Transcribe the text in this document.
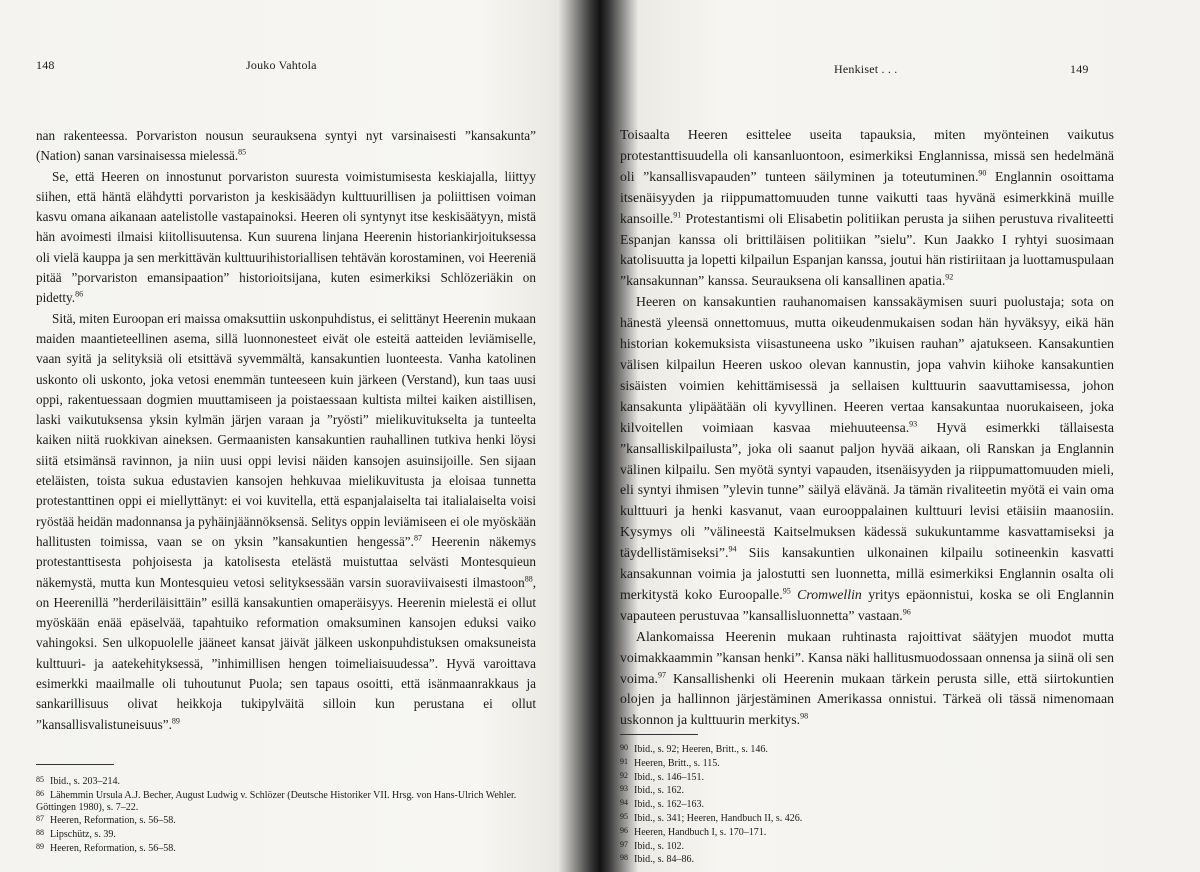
148	Jouko Vahtola

nan rakenteessa. Porvariston nousun seurauksena syntyi nyt varsinaisesti ”kansakunta” (Nation) sanan varsinaisessa mielessä.$^{85}$

Se, että Heeren on innostunut porvariston suuresta voimistumisesta keskiajalla, liittyy siihen, että häntä elähdytti porvariston ja keskisäädyn kulttuurillisen ja poliittisen voiman kasvu omana aikanaan aatelistolle vastapainoksi. Heeren oli syntynyt itse keskisäätyyn, mistä hän avoimesti ilmaisi kiitollisuutensa. Kun suurena linjana Heerenin historiankirjoituksessa oli vielä kauppa ja sen merkittävän kulttuurihistoriallisen tehtävän korostaminen, voi Heereniä pitää ”porvariston emansipaation” historioitsijana, kuten esimerkiksi Schlözeriäkin on pidetty.$^{86}$

Sitä, miten Euroopan eri maissa omaksuttiin uskonpuhdistus, ei selittänyt Heerenin mukaan maiden maantieteellinen asema, sillä luonnonesteet eivät ole esteitä aatteiden leviämiselle, vaan syitä ja selityksiä oli etsittävä syvemmältä, kansakuntien luonteesta. Vanha katolinen uskonto oli uskonto, joka vetosi enemmän tunteeseen kuin järkeen (Verstand), kun taas uusi oppi, rakentuessaan dogmien muuttamiseen ja poistaessaan kultista miltei kaiken aistillisen, laski vaikutuksensa yksin kylmän järjen varaan ja ”ryösti” mielikuvitukselta ja tunteelta kaiken niitä ruokkivan aineksen. Germaanisten kansakuntien rauhallinen tutkiva henki löysi siitä etsimänsä ravinnon, ja niin uusi oppi levisi näiden kansojen asuinsijoille. Sen sijaan eteläisten, toista sukua edustavien kansojen hehkuvaa mielikuvitusta ja eloisaa tunnetta protestanttinen oppi ei miellyttänyt: ei voi kuvitella, että espanjalaiselta tai italialaiselta voisi ryöstää heidän madonnansa ja pyhäinjäännöksensä. Selitys oppin leviämiseen ei ole myöskään hallitusten toimissa, vaan se on yksin ”kansakuntien hengessä”.$^{87}$ Heerenin näkemys protestanttisesta pohjoisesta ja katolisesta etelästä muistuttaa selvästi Montesquieun näkemystä, mutta kun Montesquieu vetosi selityksessään varsin suoraviivaisesti ilmastoon$^{88}$, on Heerenillä ”herderiläisittäin” esillä kansakuntien omaperäisyys. Heerenin mielestä ei ollut myöskään enää epäselvää, tapahtuiko reformation omaksuminen kansojen eduksi vaiko vahingoksi. Sen ulkopuolelle jääneet kansat jäivät jälkeen uskonpuhdistuksen omaksuneista kulttuuri- ja aatekehityksessä, ”inhimillisen hengen toimeliaisuudessa”. Hyvä varoittava esimerkki maailmalle oli tuhoutunut Puola; sen tapaus osoitti, että isänmaanrakkaus ja sankarillisuus olivat heikkoja tukipylväitä silloin kun perustana ei ollut ”kansallisvalistuneisuus”.$^{89}$

85 Ibid., s. 203–214.
86 Lähemmin Ursula A.J. Becher, August Ludwig v. Schlözer (Deutsche Historiker VII. Hrsg. von Hans-Ulrich Wehler. Göttingen 1980), s. 7–22.
87 Heeren, Reformation, s. 56–58.
88 Lipschütz, s. 39.
89 Heeren, Reformation, s. 56–58.
Henkiset . . .	149

Toisaalta Heeren esittelee useita tapauksia, miten myönteinen vaikutus protestanttisuudella oli kansanluontoon, esimerkiksi Englannissa, missä sen hedelmänä oli ”kansallisvapauden” tunteen säilyminen ja toteutuminen.$^{90}$ Englannin osoittama itsenäisyyden ja riippumattomuuden tunne vaikutti taas hyvänä esimerkkinä muille kansoille.$^{91}$ Protestantismi oli Elisabetin politiikan perusta ja siihen perustuva rivaliteetti Espanjan kanssa oli brittiläisen politiikan ”sielu”. Kun Jaakko I ryhtyi suosimaan katolisuutta ja lopetti kilpailun Espanjan kanssa, joutui hän ristiriitaan ja luottamuspulaan ”kansakunnan” kanssa. Seurauksena oli kansallinen apatia.$^{92}$

Heeren on kansakuntien rauhanomaisen kanssakäymisen suuri puolustaja; sota on hänestä yleensä onnettomuus, mutta oikeudenmukaisen sodan hän hyväksyy, eikä hän historian kokemuksista viisastuneena usko ”ikuisen rauhan” ajatukseen. Kansakuntien välisen kilpailun Heeren uskoo olevan kannustin, jopa vahvin kiihoke kansakuntien sisäisten voimien kehittämisessä ja sellaisen kulttuurin saavuttamisessa, johon kansakunta ylipäätään oli kyvyllinen. Heeren vertaa kansakuntaa nuorukaiseen, joka kilvoitellen voimiaan kasvaa miehuuteensa.$^{93}$ Hyvä esimerkki tällaisesta ”kansalliskilpailusta”, joka oli saanut paljon hyvää aikaan, oli Ranskan ja Englannin välinen kilpailu. Sen myötä syntyi vapauden, itsenäisyyden ja riippumattomuuden mieli, eli syntyi ihmisen ”ylevin tunne” säilyä elävänä. Ja tämän rivaliteetin myötä ei vain oma kulttuuri ja henki kasvanut, vaan eurooppalainen kulttuuri levisi etäisiin maanosiin. Kysymys oli ”välineestä Kaitselmuksen kädessä sukukuntamme kasvattamiseksi ja täydellistämiseksi”.$^{94}$ Siis kansakuntien ulkonainen kilpailu sotineenkin kasvatti kansakunnan voimia ja jalostutti sen luonnetta, millä esimerkiksi Englannin osalta oli merkitystä koko Euroopalle.$^{95}$ Cromwellin yritys epäonnistui, koska se oli Englannin vapauteen perustuvaa ”kansallisluonnetta” vastaan.$^{96}$

Alankomaissa Heerenin mukaan ruhtinasta rajoittivat säätyjen muodot mutta voimakkaammin ”kansan henki”. Kansa näki hallitusmuodossaan onnensa ja siinä oli sen voima.$^{97}$ Kansallishenki oli Heerenin mukaan tärkein perusta sille, että siirtokuntien olojen ja hallinnon järjestäminen Amerikassa onnistui. Tärkeä oli tässä nimenomaan uskonnon ja kulttuurin merkitys.$^{98}$

90 Ibid., s. 92; Heeren, Britt., s. 146.
91 Heeren, Britt., s. 115.
92 Ibid., s. 146–151.
93 Ibid., s. 162.
94 Ibid., s. 162–163.
95 Ibid., s. 341; Heeren, Handbuch II, s. 426.
96 Heeren, Handbuch I, s. 170–171.
97 Ibid., s. 102.
98 Ibid., s. 84–86.
